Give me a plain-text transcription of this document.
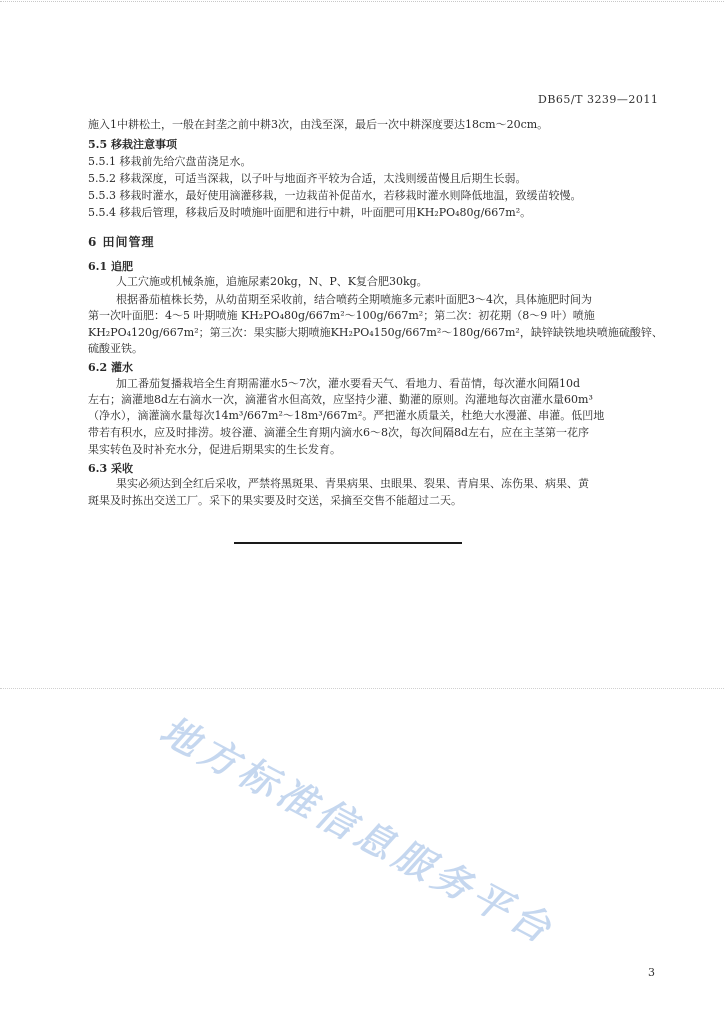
DB65/T 3239—2011
施入1中耕松土，一般在封垄之前中耕3次，由浅至深，最后一次中耕深度要达18cm～20cm。
5.5 移栽注意事项
5.5.1 移栽前先给穴盘苗浇足水。
5.5.2 移栽深度，可适当深栽，以子叶与地面齐平较为合适，太浅则缓苗慢且后期生长弱。
5.5.3 移栽时灌水，最好使用滴灌移栽，一边栽苗补促苗水，若移栽时灌水则降低地温，致缓苗较慢。
5.5.4 移栽后管理，移栽后及时喷施叶面肥和进行中耕，叶面肥可用KH₂PO₄80g/667m²。
6 田间管理
6.1 追肥
人工穴施或机械条施，追施尿素20kg，N、P、K复合肥30kg。
根据番茄植株长势，从幼苗期至采收前，结合喷药全期喷施多元素叶面肥3～4次，具体施肥时间为
第一次叶面肥：4～5 叶期喷施 KH₂PO₄80g/667m²～100g/667m²；第二次：初花期（8～9 叶）喷施
KH₂PO₄120g/667m²；第三次：果实膨大期喷施KH₂PO₄150g/667m²～180g/667m²，缺锌缺铁地块喷施硫酸锌、
硫酸亚铁。
6.2 灌水
加工番茄复播栽培全生育期需灌水5～7次，灌水要看天气、看地力、看苗情，每次灌水间隔10d
左右；滴灌地8d左右滴水一次，滴灌省水但高效，应坚持少灌、勤灌的原则。沟灌地每次亩灌水量60m³
（净水），滴灌滴水量每次14m³/667m²～18m³/667m²。严把灌水质量关，杜绝大水漫灌、串灌。低凹地
带若有积水，应及时排涝。坡谷灌、滴灌全生育期内滴水6～8次，每次间隔8d左右，应在主茎第一花序
果实转色及时补充水分，促进后期果实的生长发育。
6.3 采收
果实必须达到全红后采收，严禁将黑斑果、青果病果、虫眼果、裂果、青肩果、冻伤果、病果、黄
斑果及时拣出交送工厂。采下的果实要及时交送，采摘至交售不能超过二天。
地方标准信息服务平台
3
